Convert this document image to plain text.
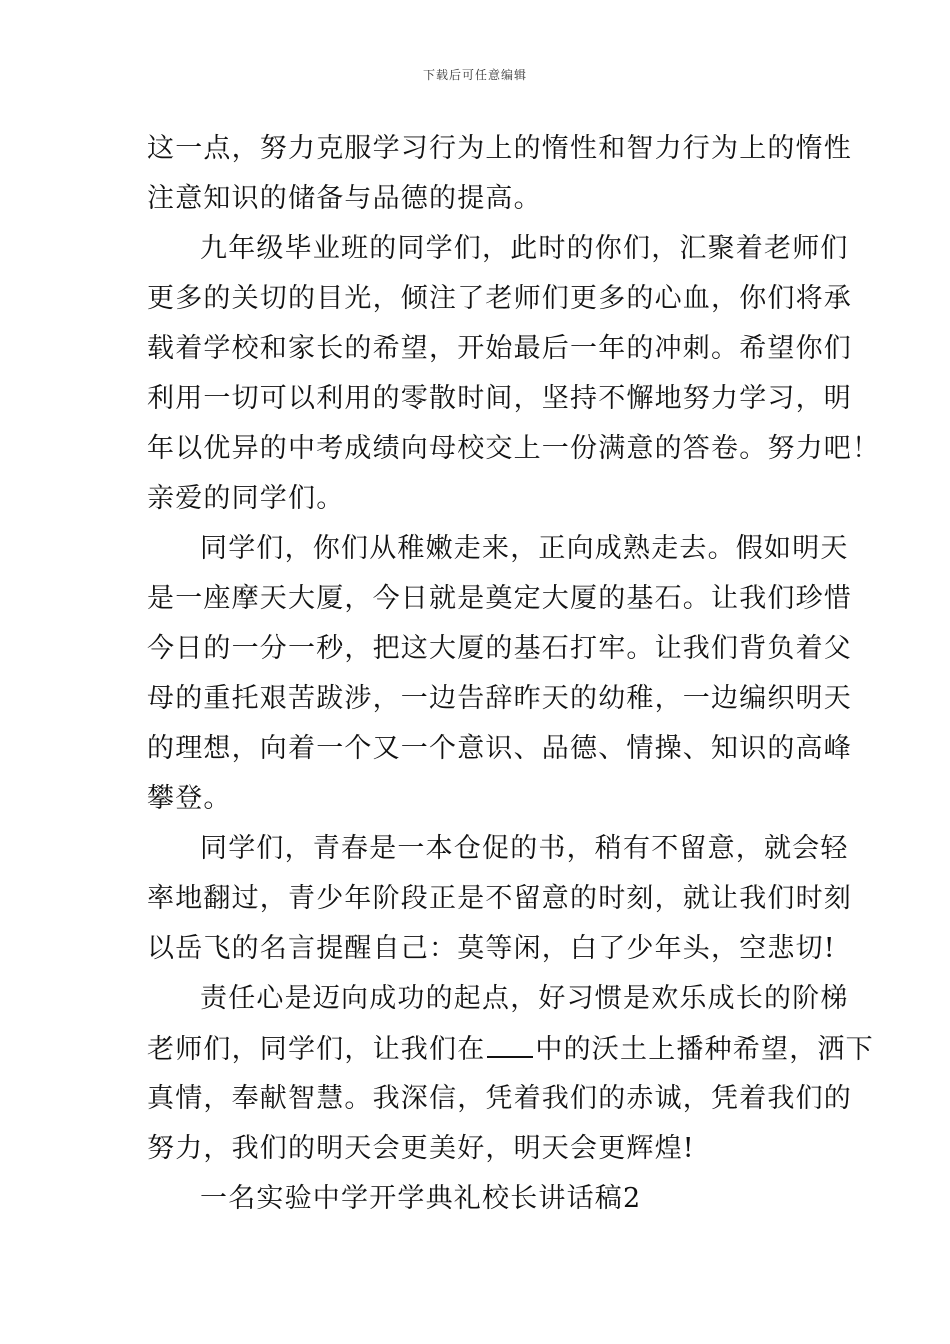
下载后可任意编辑
这一点，努力克服学习行为上的惰性和智力行为上的惰性
注意知识的储备与品德的提高。
九年级毕业班的同学们，此时的你们，汇聚着老师们
更多的关切的目光，倾注了老师们更多的心血，你们将承
载着学校和家长的希望，开始最后一年的冲刺。希望你们
利用一切可以利用的零散时间，坚持不懈地努力学习，明
年以优异的中考成绩向母校交上一份满意的答卷。努力吧！
亲爱的同学们。
同学们，你们从稚嫩走来，正向成熟走去。假如明天
是一座摩天大厦，今日就是奠定大厦的基石。让我们珍惜
今日的一分一秒，把这大厦的基石打牢。让我们背负着父
母的重托艰苦跋涉，一边告辞昨天的幼稚，一边编织明天
的理想，向着一个又一个意识、品德、情操、知识的高峰
攀登。
同学们，青春是一本仓促的书，稍有不留意，就会轻
率地翻过，青少年阶段正是不留意的时刻，就让我们时刻
以岳飞的名言提醒自己：莫等闲，白了少年头，空悲切!
责任心是迈向成功的起点，好习惯是欢乐成长的阶梯
老师们，同学们，让我们在 中的沃土上播种希望，洒下
真情，奉献智慧。我深信，凭着我们的赤诚，凭着我们的
努力，我们的明天会更美好，明天会更辉煌!
一名实验中学开学典礼校长讲话稿2
